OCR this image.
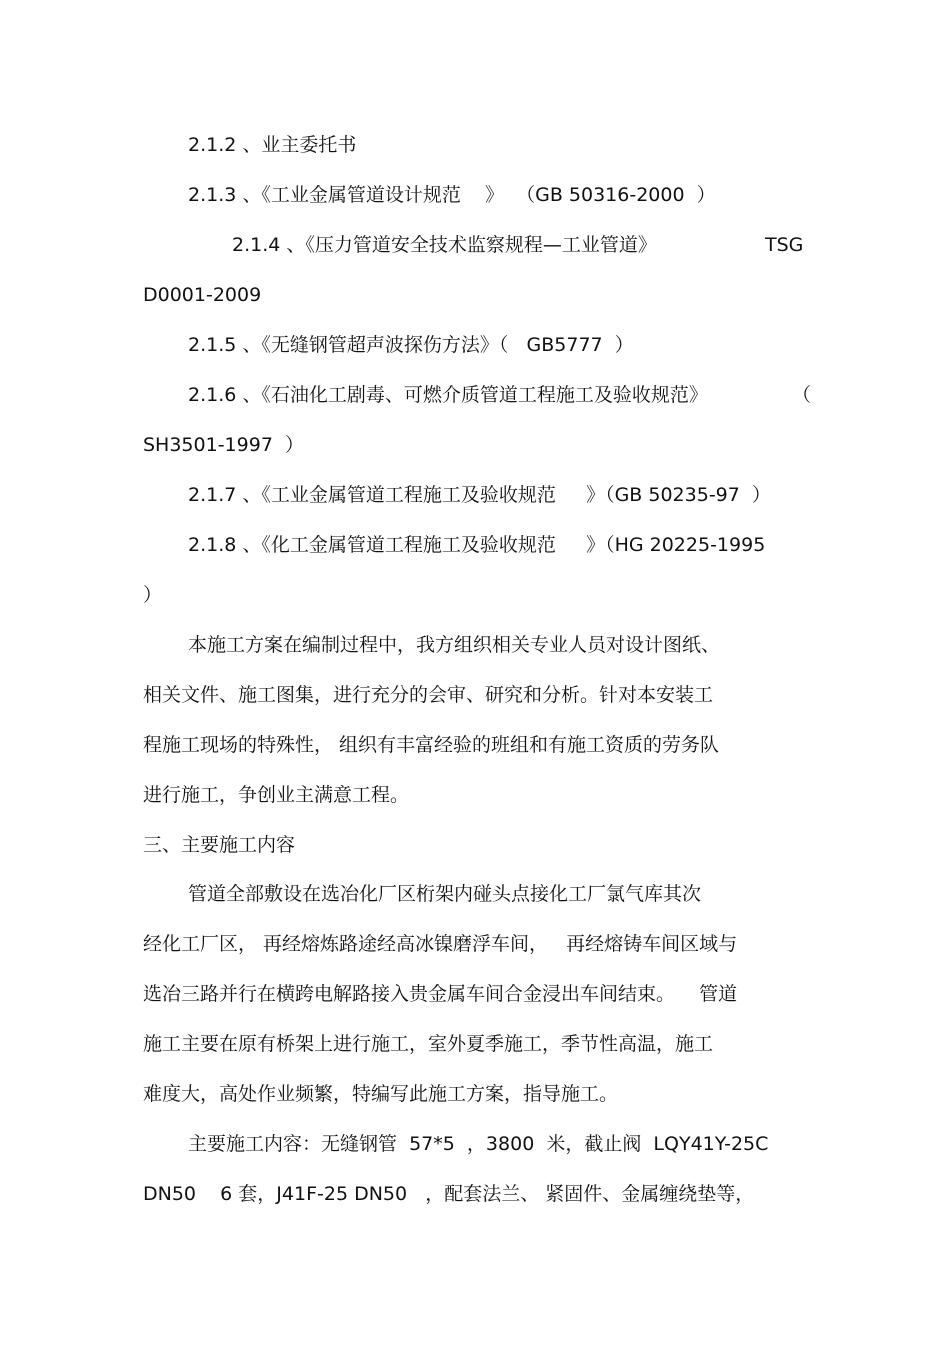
2.1.2 、业主委托书
2.1.3 、《工业金属管道设计规范    》  （GB 50316-2000  ）
2.1.4 、《压力管道安全技术监察规程—工业管道》	TSG
D0001-2009
2.1.5 、《无缝钢管超声波探伤方法》（   GB5777  ）
2.1.6 、《石油化工剧毒、可燃介质管道工程施工及验收规范》	（
SH3501-1997  ）
2.1.7 、《工业金属管道工程施工及验收规范     》（GB 50235-97  ）
2.1.8 、《化工金属管道工程施工及验收规范     》（HG 20225-1995
）
本施工方案在编制过程中，我方组织相关专业人员对设计图纸、
相关文件、施工图集，进行充分的会审、研究和分析。针对本安装工
程施工现场的特殊性， 组织有丰富经验的班组和有施工资质的劳务队
进行施工，争创业主满意工程。
三、主要施工内容
管道全部敷设在选冶化厂区桁架内碰头点接化工厂氯气库其次
经化工厂区， 再经熔炼路途经高冰镍磨浮车间，   再经熔铸车间区域与
选冶三路并行在横跨电解路接入贵金属车间合金浸出车间结束。    管道
施工主要在原有桥架上进行施工，室外夏季施工，季节性高温，施工
难度大，高处作业频繁，特编写此施工方案，指导施工。
主要施工内容：无缝钢管  57*5  ，3800  米，截止阀  LQY41Y-25C
DN50    6 套，J41F-25 DN50   ，配套法兰、 紧固件、金属缠绕垫等，
